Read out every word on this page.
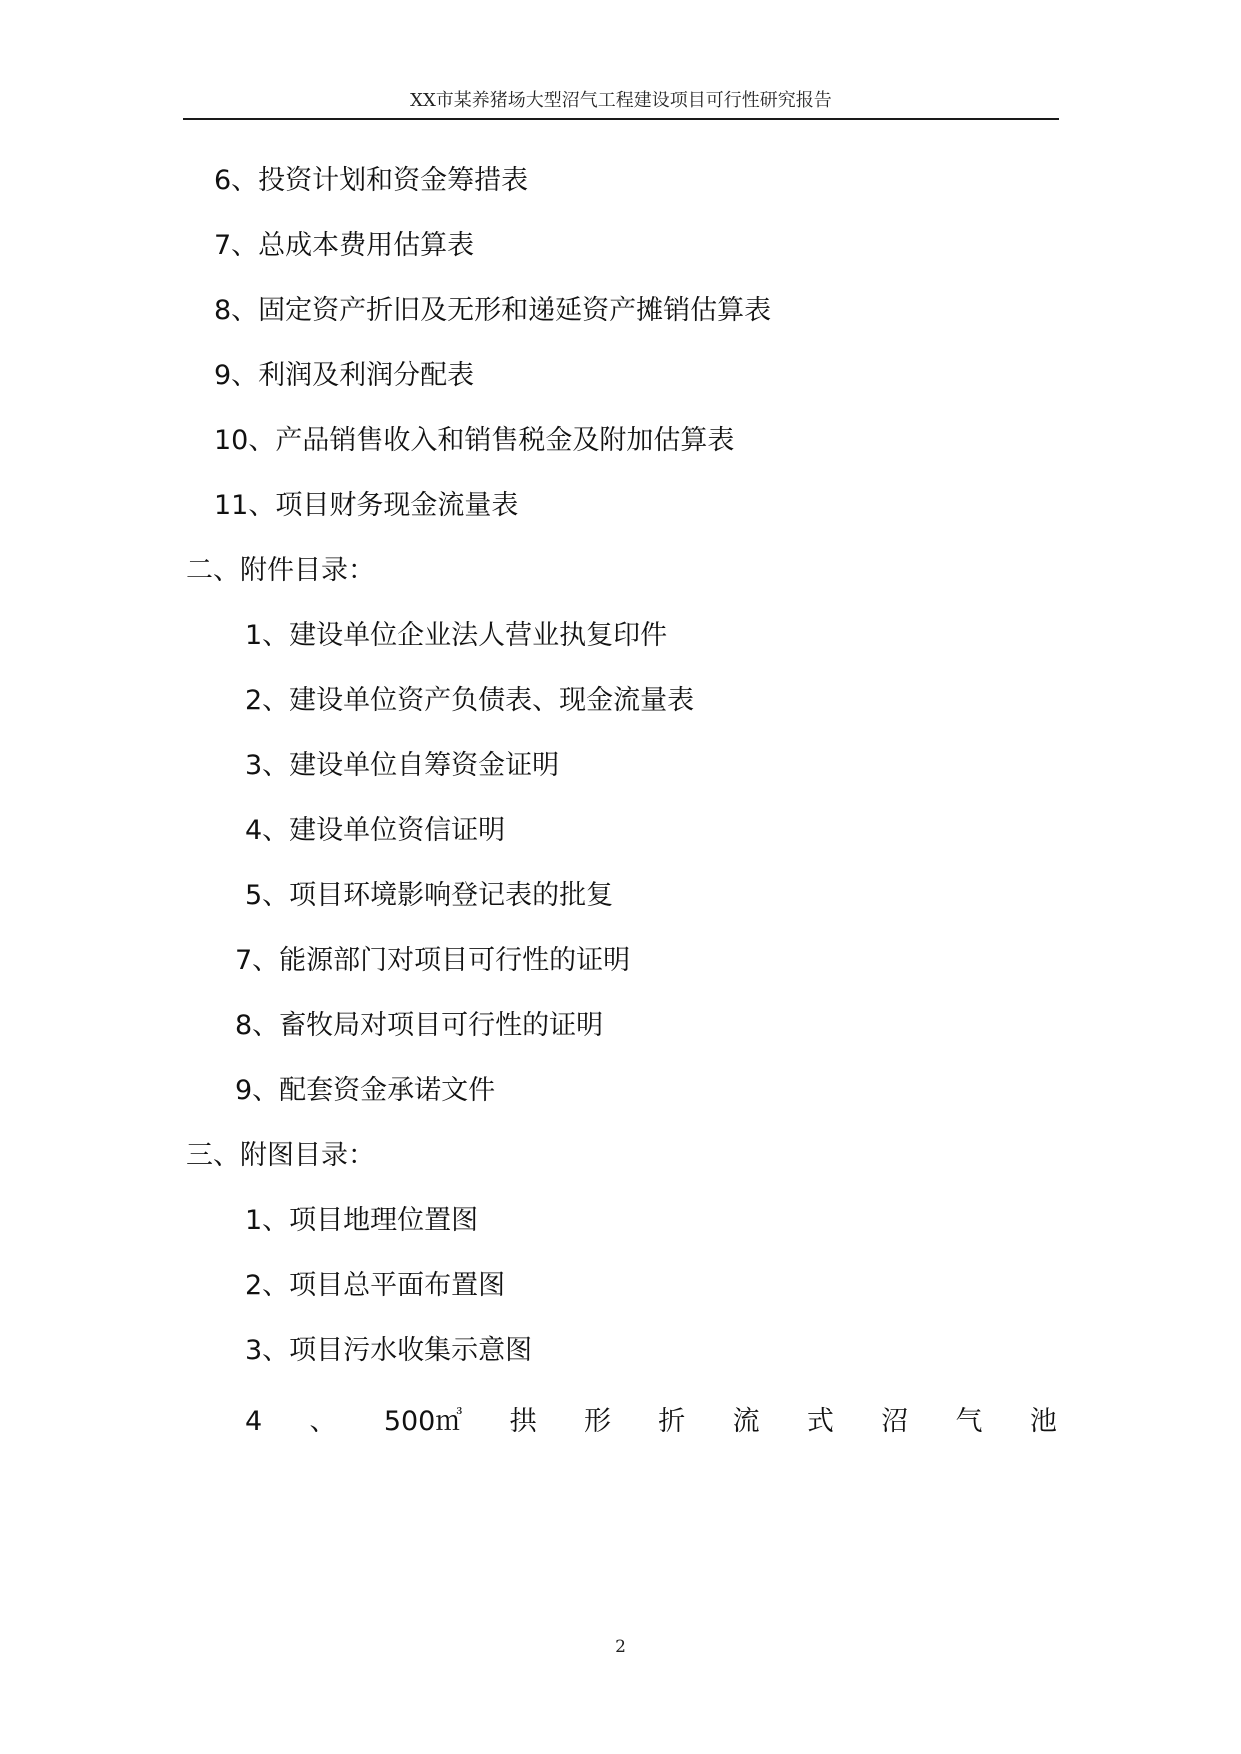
XX市某养猪场大型沼气工程建设项目可行性研究报告
6、投资计划和资金筹措表
7、总成本费用估算表
8、固定资产折旧及无形和递延资产摊销估算表
9、利润及利润分配表
10、产品销售收入和销售税金及附加估算表
11、项目财务现金流量表
二、附件目录：
1、建设单位企业法人营业执复印件
2、建设单位资产负债表、现金流量表
3、建设单位自筹资金证明
4、建设单位资信证明
5、项目环境影响登记表的批复
7、能源部门对项目可行性的证明
8、畜牧局对项目可行性的证明
9、配套资金承诺文件
三、附图目录：
1、项目地理位置图
2、项目总平面布置图
3、项目污水收集示意图
4 、 500㎥ 拱 形 折 流 式 沼 气 池
2
